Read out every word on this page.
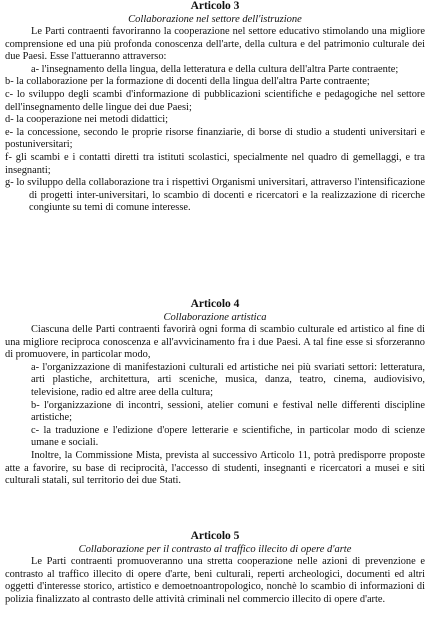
Articolo 3
Collaborazione nel settore dell'istruzione

Le Parti contraenti favoriranno la cooperazione nel settore educativo stimolando una migliore comprensione ed una più profonda conoscenza dell'arte, della cultura e del patrimonio culturale dei due Paesi. Esse l'attueranno attraverso:

a- l'insegnamento della lingua, della letteratura e della cultura dell'altra Parte contraente;

b- la collaborazione per la formazione di docenti della lingua dell'altra Parte contraente;

c- lo sviluppo degli scambi d'informazione di pubblicazioni scientifiche e pedagogiche nel settore dell'insegnamento delle lingue dei due Paesi;

d- la cooperazione nei metodi didattici;

e- la concessione, secondo le proprie risorse finanziarie, di borse di studio a studenti universitari e postuniversitari;

f- gli scambi e i contatti diretti tra istituti scolastici, specialmente nel quadro di gemellaggi, e tra insegnanti;

g- lo sviluppo della collaborazione tra i rispettivi Organismi universitari, attraverso l'intensificazione di progetti inter-universitari, lo scambio di docenti e ricercatori e la realizzazione di ricerche congiunte su temi di comune interesse.

Articolo 4
Collaborazione artistica

Ciascuna delle Parti contraenti favorirà ogni forma di scambio culturale ed artistico al fine di una migliore reciproca conoscenza e all'avvicinamento fra i due Paesi. A tal fine esse si sforzeranno di promuovere, in particolar modo,

a- l'organizzazione di manifestazioni culturali ed artistiche nei più svariati settori: letteratura, arti plastiche, architettura, arti sceniche, musica, danza, teatro, cinema, audiovisivo, televisione, radio ed altre aree della cultura;

b- l'organizzazione di incontri, sessioni, atelier comuni e festival nelle differenti discipline artistiche;

c- la traduzione e l'edizione d'opere letterarie e scientifiche, in particolar modo di scienze umane e sociali.

Inoltre, la Commissione Mista, prevista al successivo Articolo 11, potrà predisporre proposte atte a favorire, su base di reciprocità, l'accesso di studenti, insegnanti e ricercatori a musei e siti culturali statali, sul territorio dei due Stati.

Articolo 5
Collaborazione per il contrasto al traffico illecito di opere d'arte

Le Parti contraenti promuoveranno una stretta cooperazione nelle azioni di prevenzione e contrasto al traffico illecito di opere d'arte, beni culturali, reperti archeologici, documenti ed altri oggetti d'interesse storico, artistico e demoetnoantropologico, nonchè lo scambio di informazioni di polizia finalizzato al contrasto delle attività criminali nel commercio illecito di opere d'arte.
